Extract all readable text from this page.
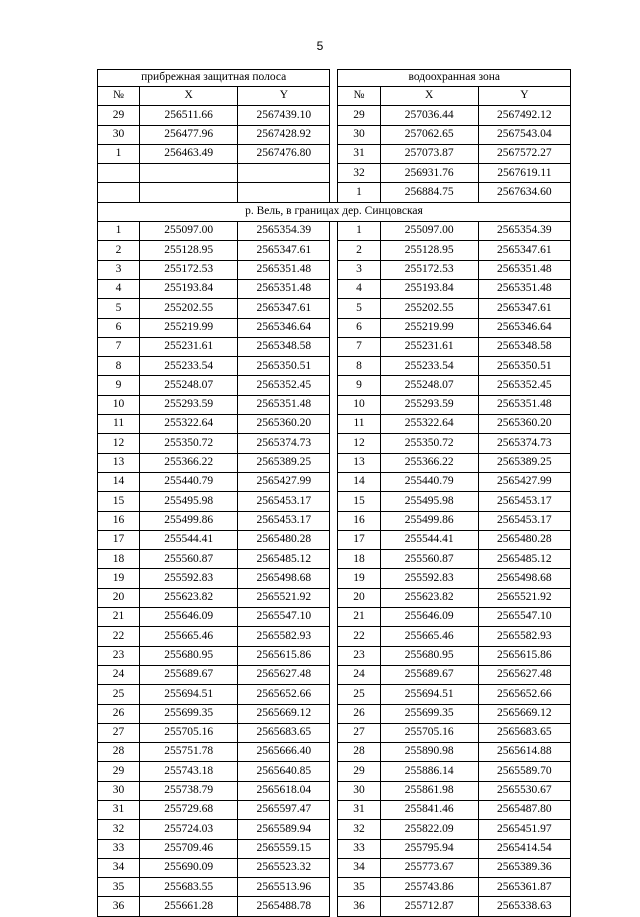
5
прибрежная защитная полоса				водоохранная зона		
№	X	Y		№	X	Y
29	256511.66	2567439.10		29	257036.44	2567492.12
30	256477.96	2567428.92		30	257062.65	2567543.04
1	256463.49	2567476.80		31	257073.87	2567572.27
				32	256931.76	2567619.11
				1	256884.75	2567634.60
р. Вель, в границах дер. Синцовская						
1	255097.00	2565354.39		1	255097.00	2565354.39
2	255128.95	2565347.61		2	255128.95	2565347.61
3	255172.53	2565351.48		3	255172.53	2565351.48
4	255193.84	2565351.48		4	255193.84	2565351.48
5	255202.55	2565347.61		5	255202.55	2565347.61
6	255219.99	2565346.64		6	255219.99	2565346.64
7	255231.61	2565348.58		7	255231.61	2565348.58
8	255233.54	2565350.51		8	255233.54	2565350.51
9	255248.07	2565352.45		9	255248.07	2565352.45
10	255293.59	2565351.48		10	255293.59	2565351.48
11	255322.64	2565360.20		11	255322.64	2565360.20
12	255350.72	2565374.73		12	255350.72	2565374.73
13	255366.22	2565389.25		13	255366.22	2565389.25
14	255440.79	2565427.99		14	255440.79	2565427.99
15	255495.98	2565453.17		15	255495.98	2565453.17
16	255499.86	2565453.17		16	255499.86	2565453.17
17	255544.41	2565480.28		17	255544.41	2565480.28
18	255560.87	2565485.12		18	255560.87	2565485.12
19	255592.83	2565498.68		19	255592.83	2565498.68
20	255623.82	2565521.92		20	255623.82	2565521.92
21	255646.09	2565547.10		21	255646.09	2565547.10
22	255665.46	2565582.93		22	255665.46	2565582.93
23	255680.95	2565615.86		23	255680.95	2565615.86
24	255689.67	2565627.48		24	255689.67	2565627.48
25	255694.51	2565652.66		25	255694.51	2565652.66
26	255699.35	2565669.12		26	255699.35	2565669.12
27	255705.16	2565683.65		27	255705.16	2565683.65
28	255751.78	2565666.40		28	255890.98	2565614.88
29	255743.18	2565640.85		29	255886.14	2565589.70
30	255738.79	2565618.04		30	255861.98	2565530.67
31	255729.68	2565597.47		31	255841.46	2565487.80
32	255724.03	2565589.94		32	255822.09	2565451.97
33	255709.46	2565559.15		33	255795.94	2565414.54
34	255690.09	2565523.32		34	255773.67	2565389.36
35	255683.55	2565513.96		35	255743.86	2565361.87
36	255661.28	2565488.78		36	255712.87	2565338.63
